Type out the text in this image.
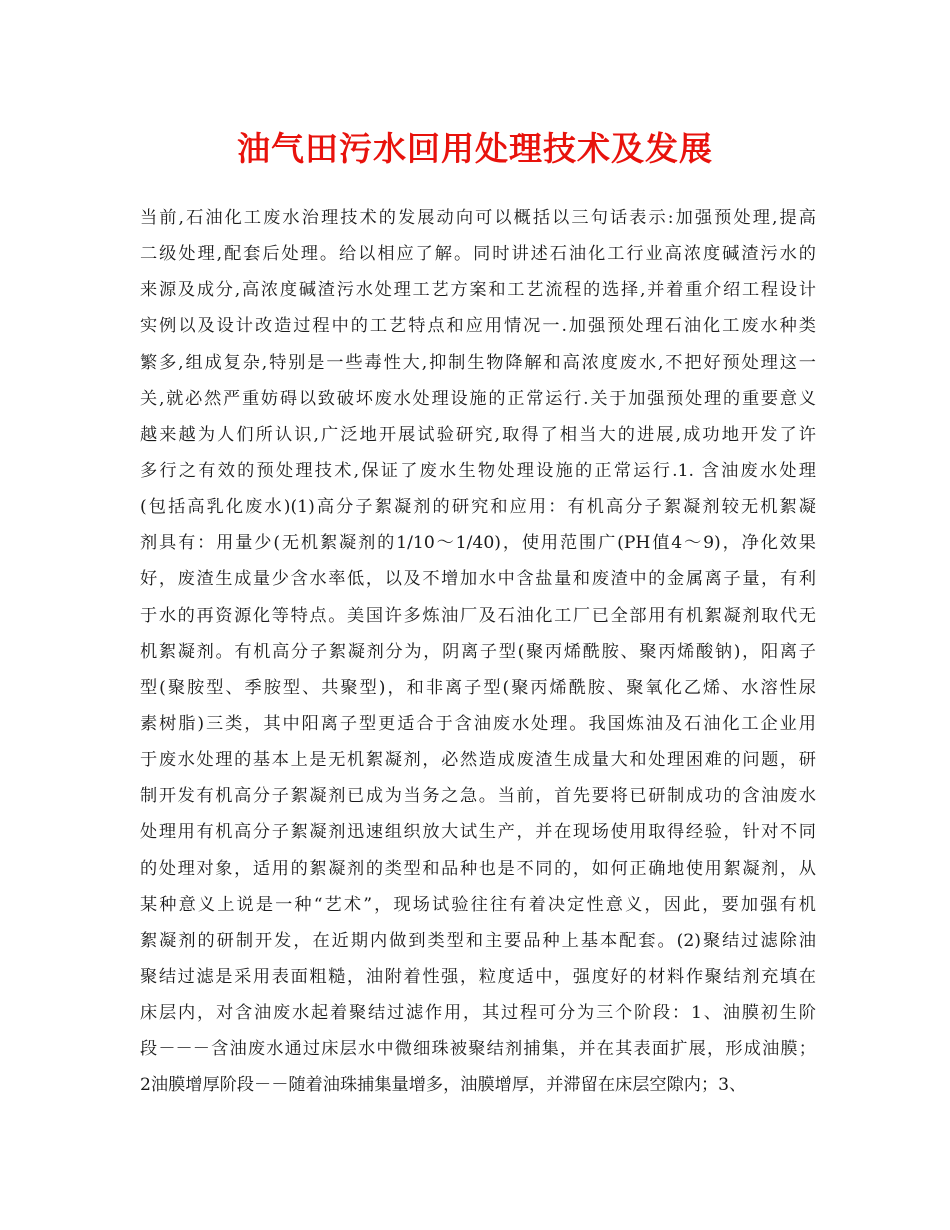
油气田污水回用处理技术及发展
当前,石油化工废水治理技术的发展动向可以概括以三句话表示:加强预处理,提高
二级处理,配套后处理。给以相应了解。同时讲述石油化工行业高浓度碱渣污水的
来源及成分,高浓度碱渣污水处理工艺方案和工艺流程的选择,并着重介绍工程设计
实例以及设计改造过程中的工艺特点和应用情况一.加强预处理石油化工废水种类
繁多,组成复杂,特别是一些毒性大,抑制生物降解和高浓度废水,不把好预处理这一
关,就必然严重妨碍以致破坏废水处理设施的正常运行.关于加强预处理的重要意义
越来越为人们所认识,广泛地开展试验研究,取得了相当大的进展,成功地开发了许
多行之有效的预处理技术,保证了废水生物处理设施的正常运行.1. 含油废水处理
(包括高乳化废水)(1)高分子絮凝剂的研究和应用：有机高分子絮凝剂较无机絮凝
剂具有：用量少(无机絮凝剂的1/10～1/40)，使用范围广(PH值4～9)，净化效果
好，废渣生成量少含水率低，以及不增加水中含盐量和废渣中的金属离子量，有利
于水的再资源化等特点。美国许多炼油厂及石油化工厂已全部用有机絮凝剂取代无
机絮凝剂。有机高分子絮凝剂分为，阴离子型(聚丙烯酰胺、聚丙烯酸钠)，阳离子
型(聚胺型、季胺型、共聚型)，和非离子型(聚丙烯酰胺、聚氧化乙烯、水溶性尿
素树脂)三类，其中阳离子型更适合于含油废水处理。我国炼油及石油化工企业用
于废水处理的基本上是无机絮凝剂，必然造成废渣生成量大和处理困难的问题，研
制开发有机高分子絮凝剂已成为当务之急。当前，首先要将已研制成功的含油废水
处理用有机高分子絮凝剂迅速组织放大试生产，并在现场使用取得经验，针对不同
的处理对象，适用的絮凝剂的类型和品种也是不同的，如何正确地使用絮凝剂，从
某种意义上说是一种“艺术”，现场试验往往有着决定性意义，因此，要加强有机
絮凝剂的研制开发，在近期内做到类型和主要品种上基本配套。(2)聚结过滤除油
聚结过滤是采用表面粗糙，油附着性强，粒度适中，强度好的材料作聚结剂充填在
床层内，对含油废水起着聚结过滤作用，其过程可分为三个阶段：1、油膜初生阶
段－－－含油废水通过床层水中微细珠被聚结剂捕集，并在其表面扩展，形成油膜；
2油膜增厚阶段－－随着油珠捕集量增多，油膜增厚，并滞留在床层空隙内；3、
